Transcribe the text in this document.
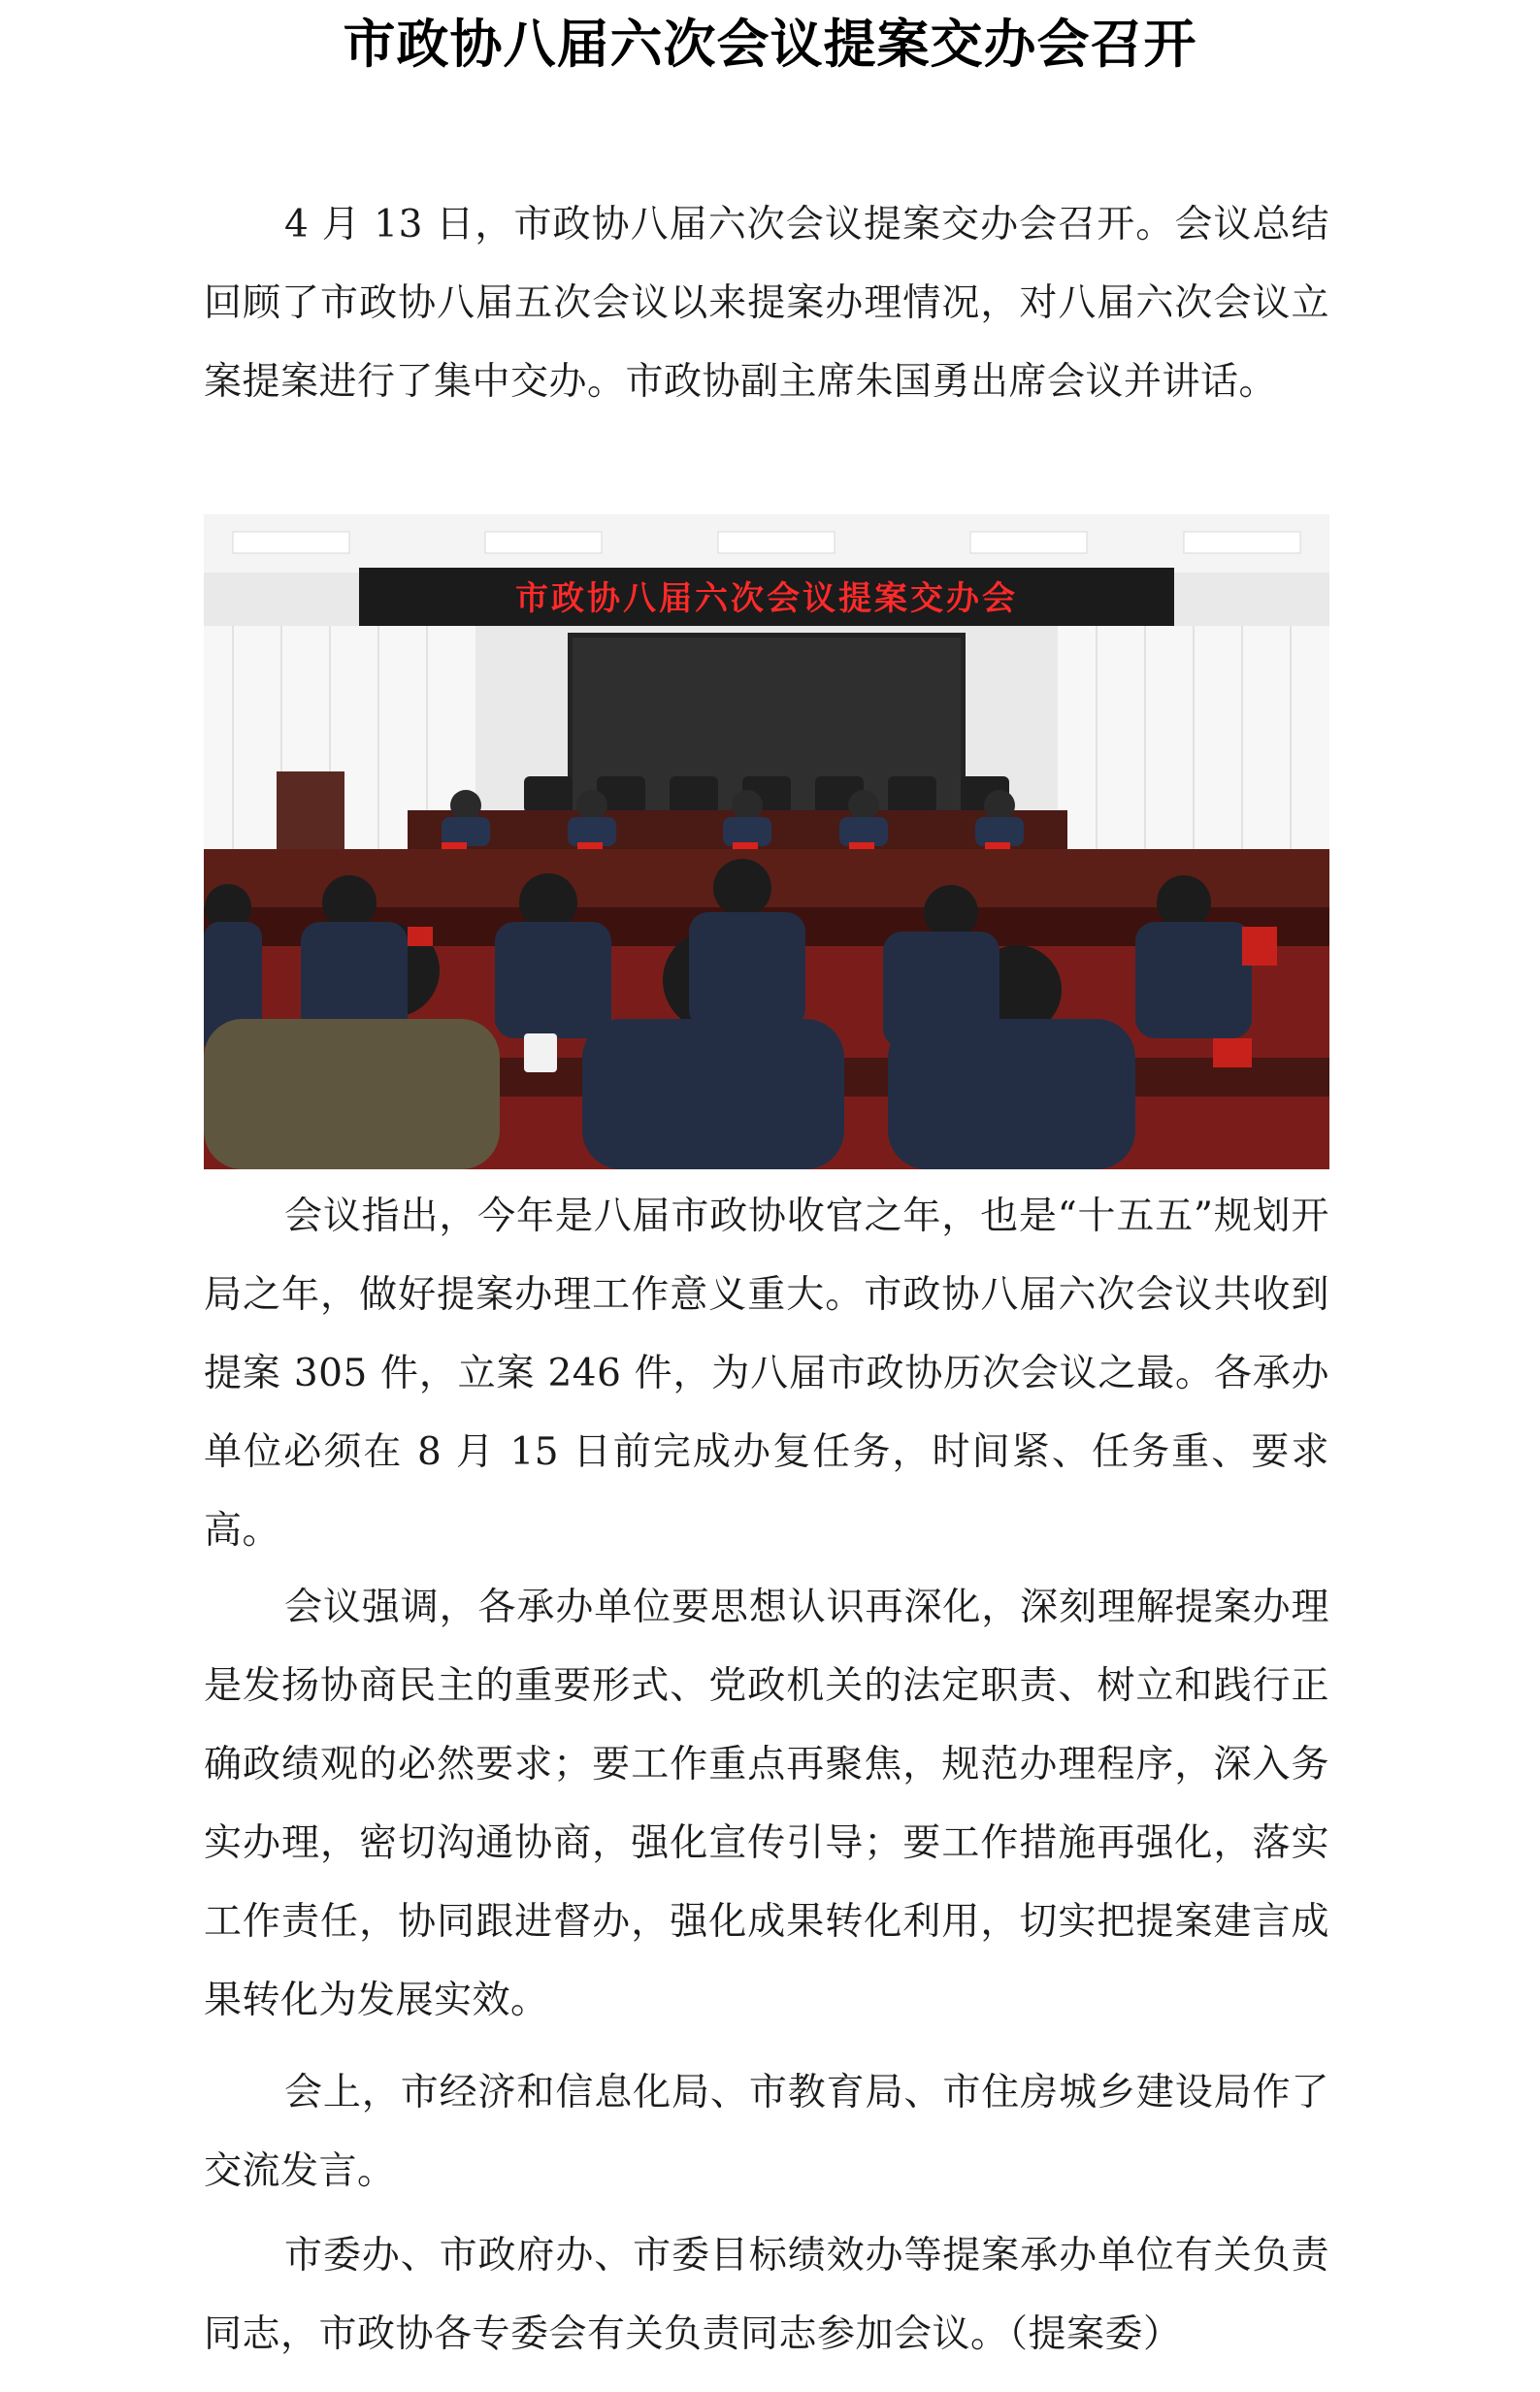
市政协八届六次会议提案交办会召开

4 月 13 日，市政协八届六次会议提案交办会召开。会议总结回顾了市政协八届五次会议以来提案办理情况，对八届六次会议立案提案进行了集中交办。市政协副主席朱国勇出席会议并讲话。

市政协八届六次会议提案交办会

会议指出，今年是八届市政协收官之年，也是“十五五”规划开局之年，做好提案办理工作意义重大。市政协八届六次会议共收到提案 305 件，立案 246 件，为八届市政协历次会议之最。各承办单位必须在 8 月 15 日前完成办复任务，时间紧、任务重、要求高。

会议强调，各承办单位要思想认识再深化，深刻理解提案办理是发扬协商民主的重要形式、党政机关的法定职责、树立和践行正确政绩观的必然要求；要工作重点再聚焦，规范办理程序，深入务实办理，密切沟通协商，强化宣传引导；要工作措施再强化，落实工作责任，协同跟进督办，强化成果转化利用，切实把提案建言成果转化为发展实效。

会上，市经济和信息化局、市教育局、市住房城乡建设局作了交流发言。

市委办、市政府办、市委目标绩效办等提案承办单位有关负责同志，市政协各专委会有关负责同志参加会议。（提案委）
